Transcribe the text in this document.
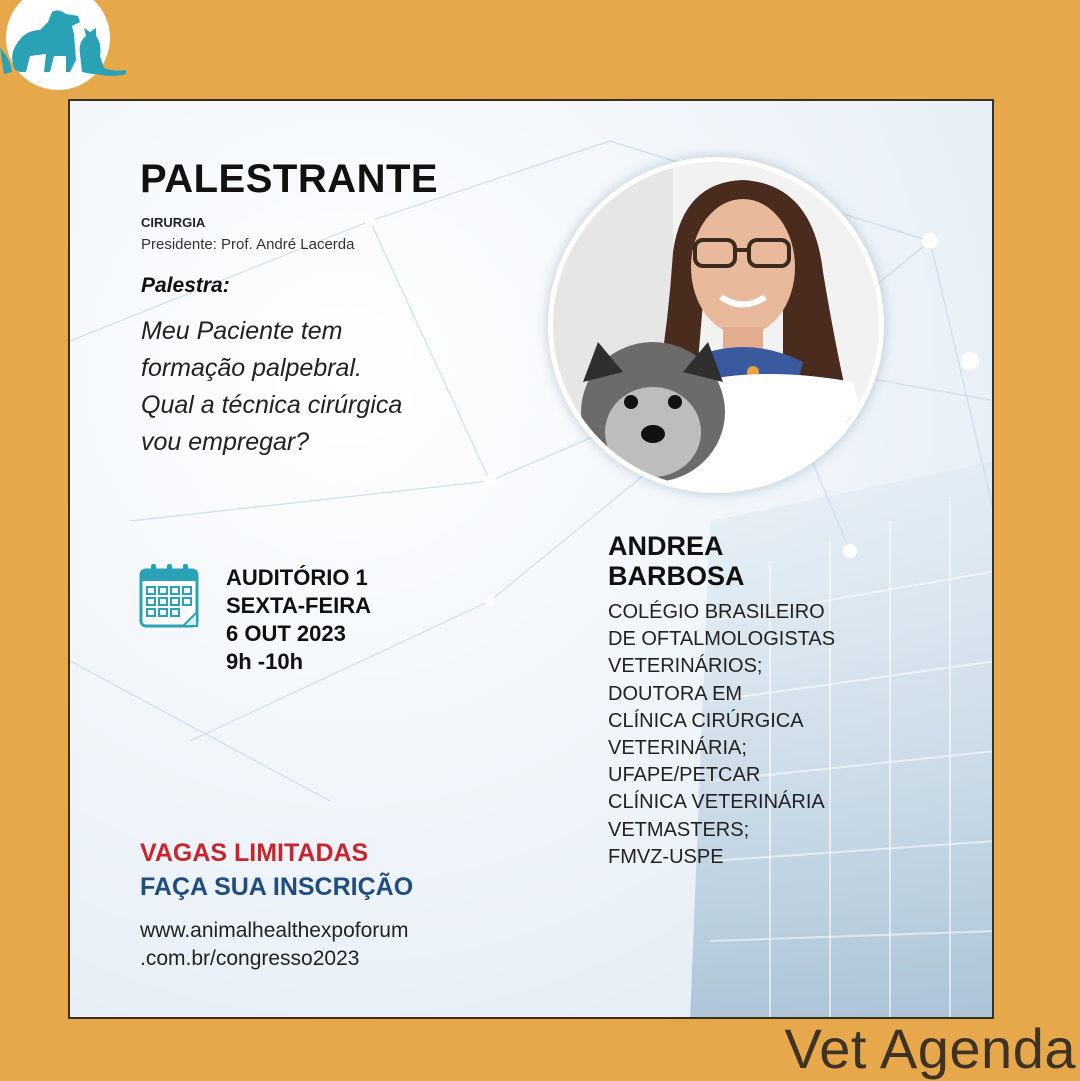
PALESTRANTE
CIRURGIA
Presidente: Prof. André Lacerda
Palestra:
Meu Paciente tem
formação palpebral.
Qual a técnica cirúrgica
vou empregar?
AUDITÓRIO 1
SEXTA-FEIRA
6 OUT 2023
9h -10h
ANDREA
BARBOSA
COLÉGIO BRASILEIRO
DE OFTALMOLOGISTAS
VETERINÁRIOS;
DOUTORA EM
CLÍNICA CIRÚRGICA
VETERINÁRIA;
UFAPE/PETCAR
CLÍNICA VETERINÁRIA
VETMASTERS;
FMVZ-USPE
VAGAS LIMITADAS
FAÇA SUA INSCRIÇÃO
www.animalhealthexpoforum
.com.br/congresso2023
Vet Agenda
